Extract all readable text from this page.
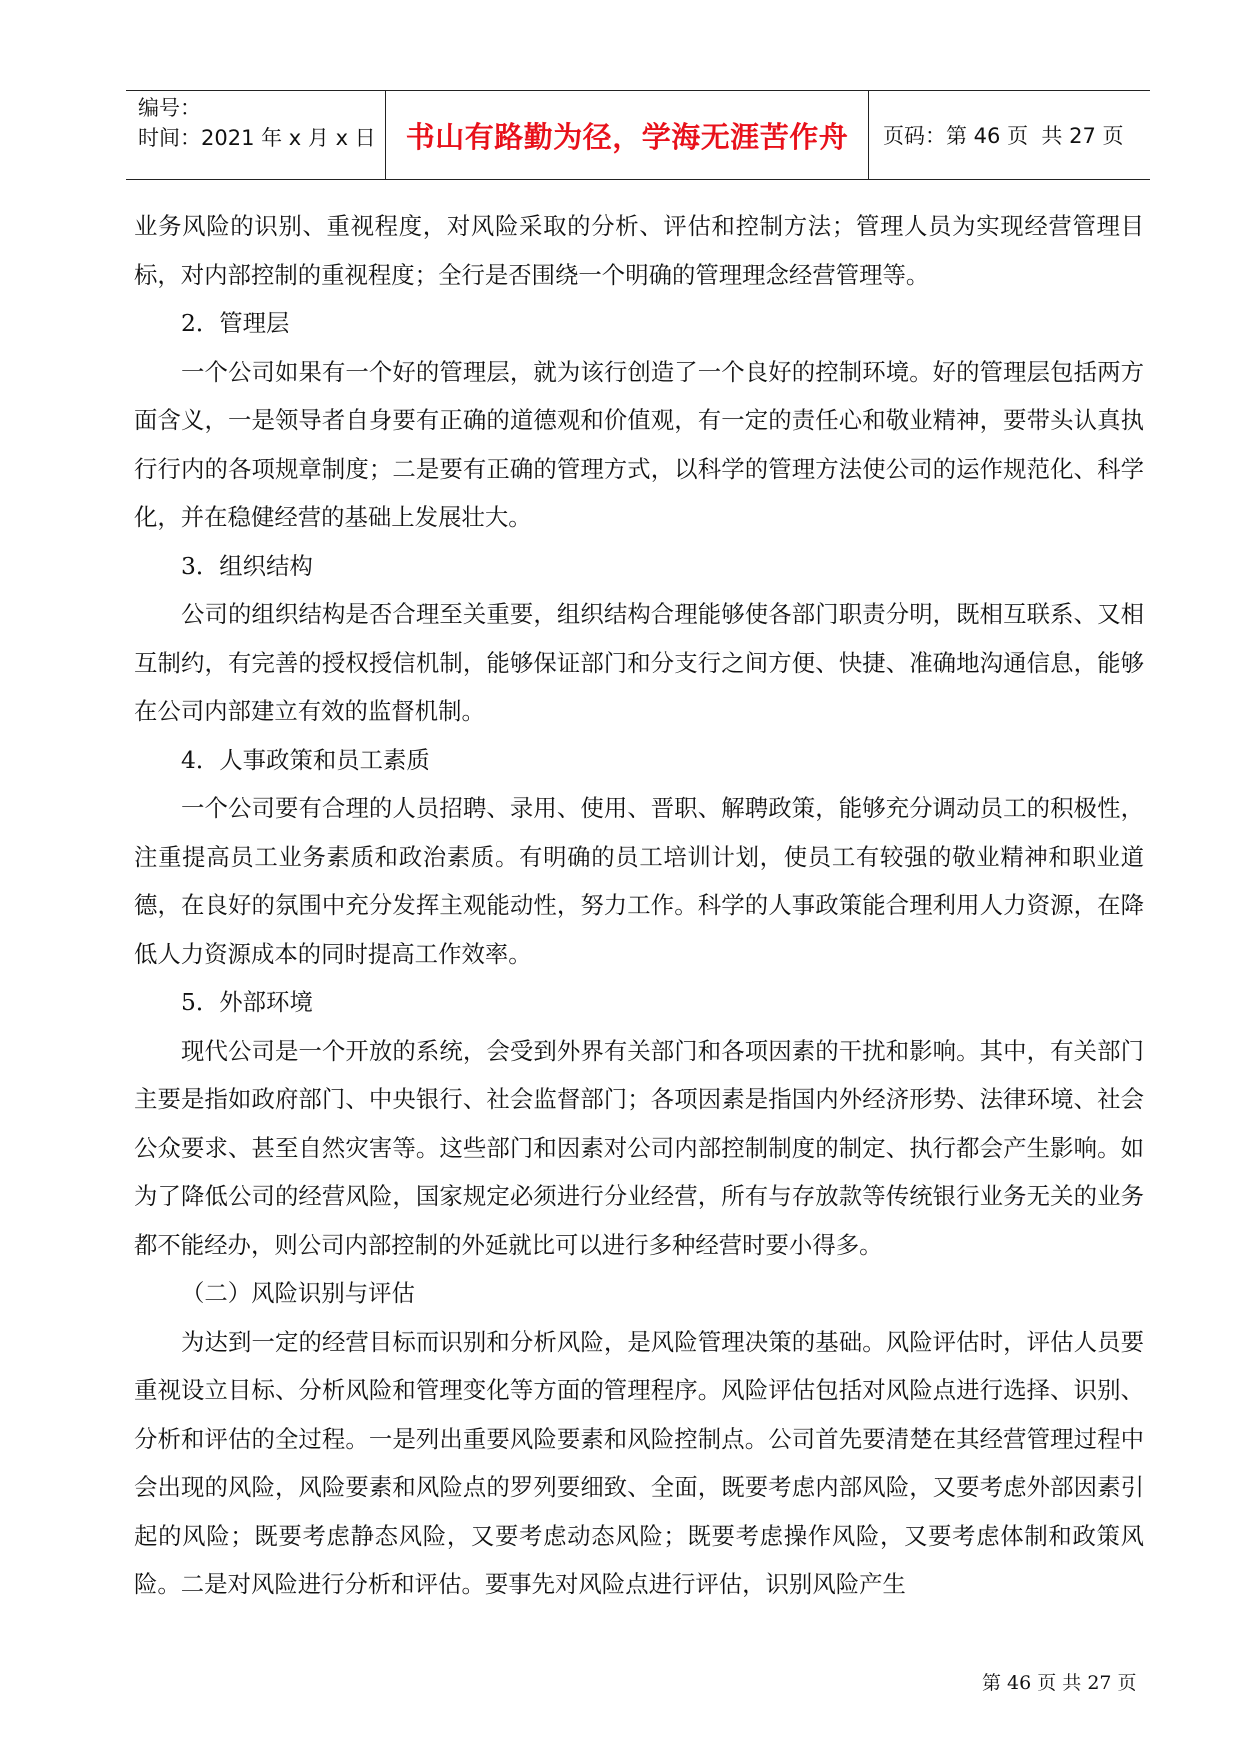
编号：
时间：2021 年 x 月 x 日	书山有路勤为径，学海无涯苦作舟	页码：第 46 页  共 27 页

业务风险的识别、重视程度，对风险采取的分析、评估和控制方法；管理人员为实现经营管理目标，对内部控制的重视程度；全行是否围绕一个明确的管理理念经营管理等。

2．管理层

一个公司如果有一个好的管理层，就为该行创造了一个良好的控制环境。好的管理层包括两方面含义，一是领导者自身要有正确的道德观和价值观，有一定的责任心和敬业精神，要带头认真执行行内的各项规章制度；二是要有正确的管理方式，以科学的管理方法使公司的运作规范化、科学化，并在稳健经营的基础上发展壮大。

3．组织结构

公司的组织结构是否合理至关重要，组织结构合理能够使各部门职责分明，既相互联系、又相互制约，有完善的授权授信机制，能够保证部门和分支行之间方便、快捷、准确地沟通信息，能够在公司内部建立有效的监督机制。

4．人事政策和员工素质

一个公司要有合理的人员招聘、录用、使用、晋职、解聘政策，能够充分调动员工的积极性，注重提高员工业务素质和政治素质。有明确的员工培训计划，使员工有较强的敬业精神和职业道德，在良好的氛围中充分发挥主观能动性，努力工作。科学的人事政策能合理利用人力资源，在降低人力资源成本的同时提高工作效率。

5．外部环境

现代公司是一个开放的系统，会受到外界有关部门和各项因素的干扰和影响。其中，有关部门主要是指如政府部门、中央银行、社会监督部门；各项因素是指国内外经济形势、法律环境、社会公众要求、甚至自然灾害等。这些部门和因素对公司内部控制制度的制定、执行都会产生影响。如为了降低公司的经营风险，国家规定必须进行分业经营，所有与存放款等传统银行业务无关的业务都不能经办，则公司内部控制的外延就比可以进行多种经营时要小得多。

（二）风险识别与评估

为达到一定的经营目标而识别和分析风险，是风险管理决策的基础。风险评估时，评估人员要重视设立目标、分析风险和管理变化等方面的管理程序。风险评估包括对风险点进行选择、识别、分析和评估的全过程。一是列出重要风险要素和风险控制点。公司首先要清楚在其经营管理过程中会出现的风险，风险要素和风险点的罗列要细致、全面，既要考虑内部风险，又要考虑外部因素引起的风险；既要考虑静态风险，又要考虑动态风险；既要考虑操作风险，又要考虑体制和政策风险。二是对风险进行分析和评估。要事先对风险点进行评估，识别风险产生

第 46 页 共 27 页
